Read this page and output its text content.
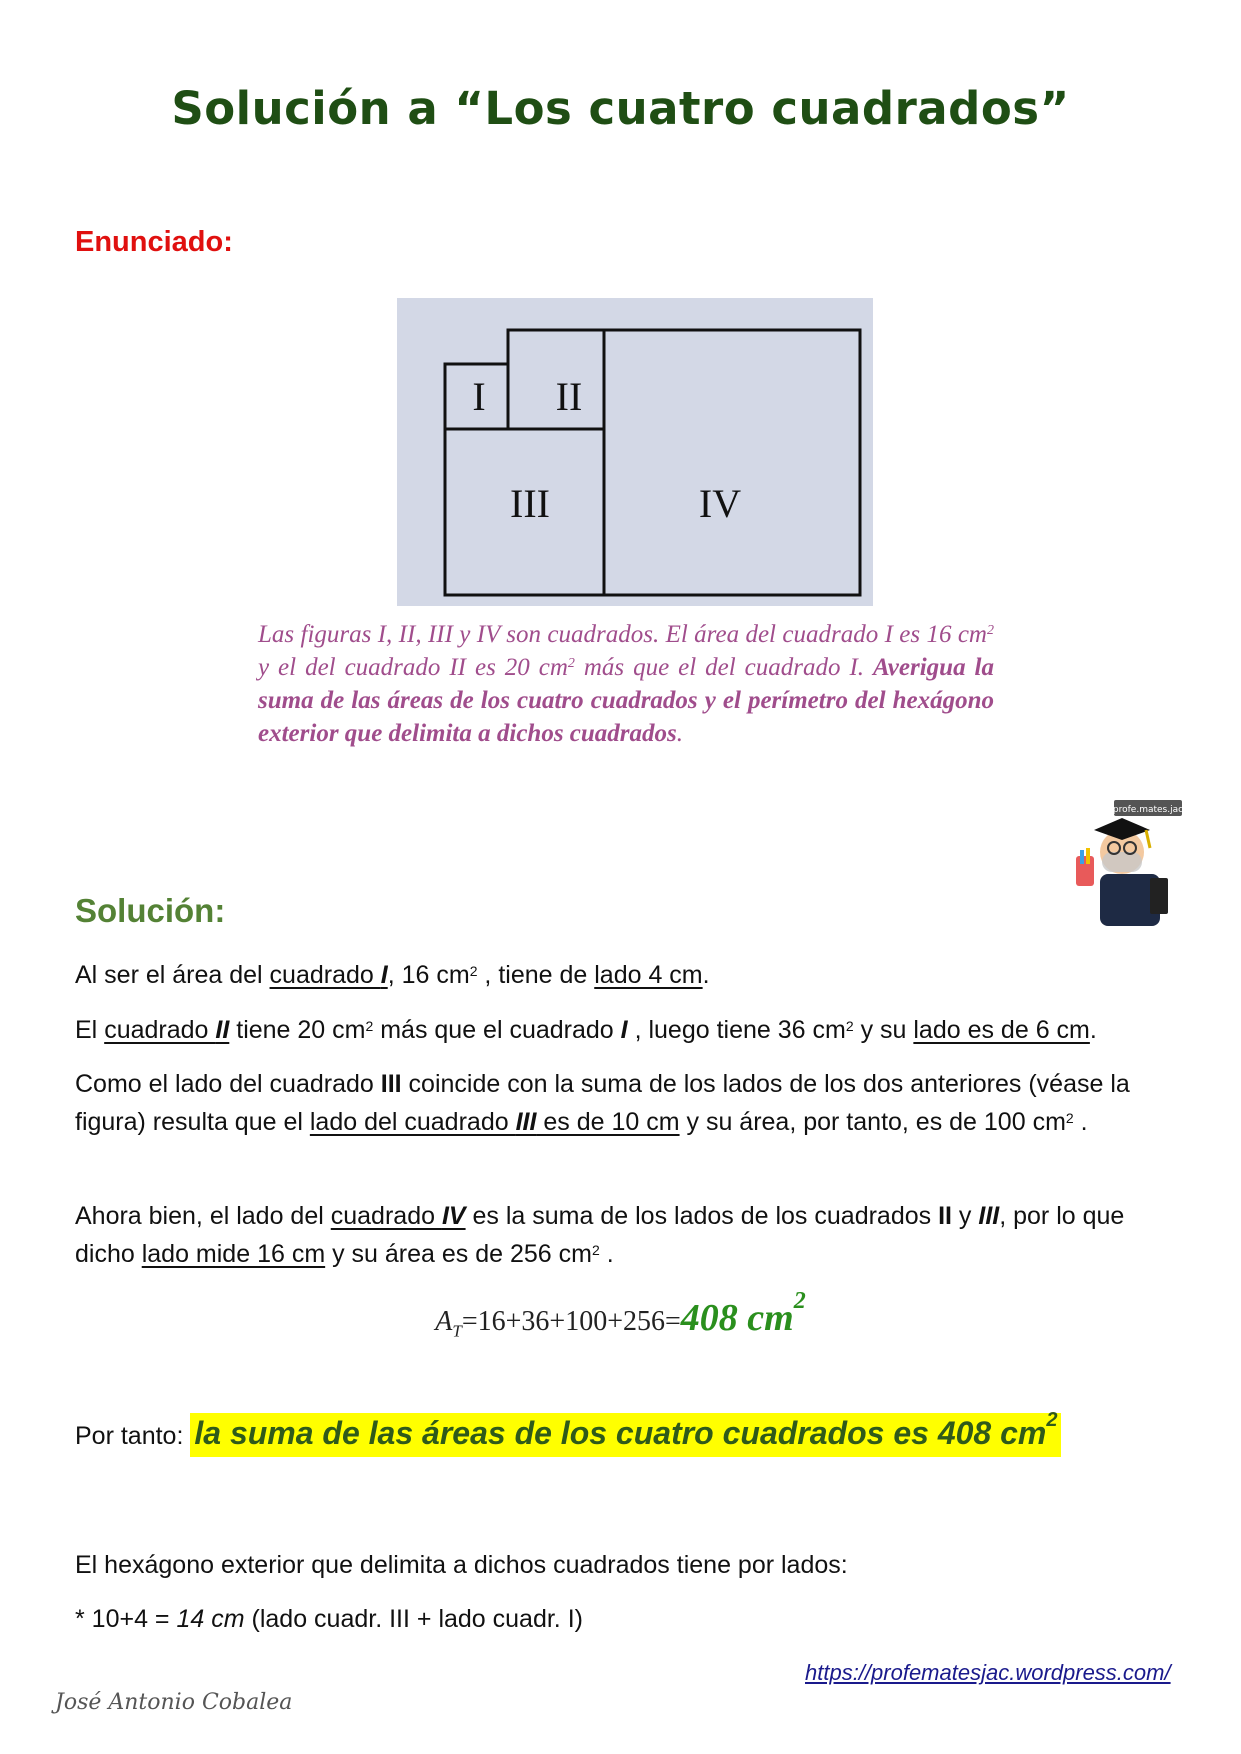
Solución a “Los cuatro cuadrados”
Enunciado:
I II
III	IV
Las figuras I, II, III y IV son cuadrados. El área del cuadrado I es 16 $cm^2$ y el del cuadrado II es 20 $cm^2$ más que el del cuadrado I. Averigua la suma de las áreas de los cuatro cuadrados y el perímetro del hexágono exterior que delimita a dichos cuadrados.
profe.mates.jac
Solución:
Al ser el área del cuadrado I, 16 $cm^2$ , tiene de lado 4 cm.
El cuadrado II tiene 20 $cm^2$ más que el cuadrado I , luego tiene 36 $cm^2$ y su lado es de 6 cm.
Como el lado del cuadrado III coincide con la suma de los lados de los dos anteriores (véase la figura) resulta que el lado del cuadrado III es de 10 cm y su área, por tanto, es de 100 $cm^2$ .
Ahora bien, el lado del cuadrado IV es la suma de los lados de los cuadrados II y III, por lo que dicho lado mide 16 cm y su área es de 256 $cm^2$ .
$A_T=16+36+100+256=408$ $cm^2$
Por tanto: la suma de las áreas de los cuatro cuadrados es 408 $cm^2$
El hexágono exterior que delimita a dichos cuadrados tiene por lados:
* 10+4 = 14 cm (lado cuadr. III + lado cuadr. I)
https://profematesjac.wordpress.com/
José Antonio Cobalea
